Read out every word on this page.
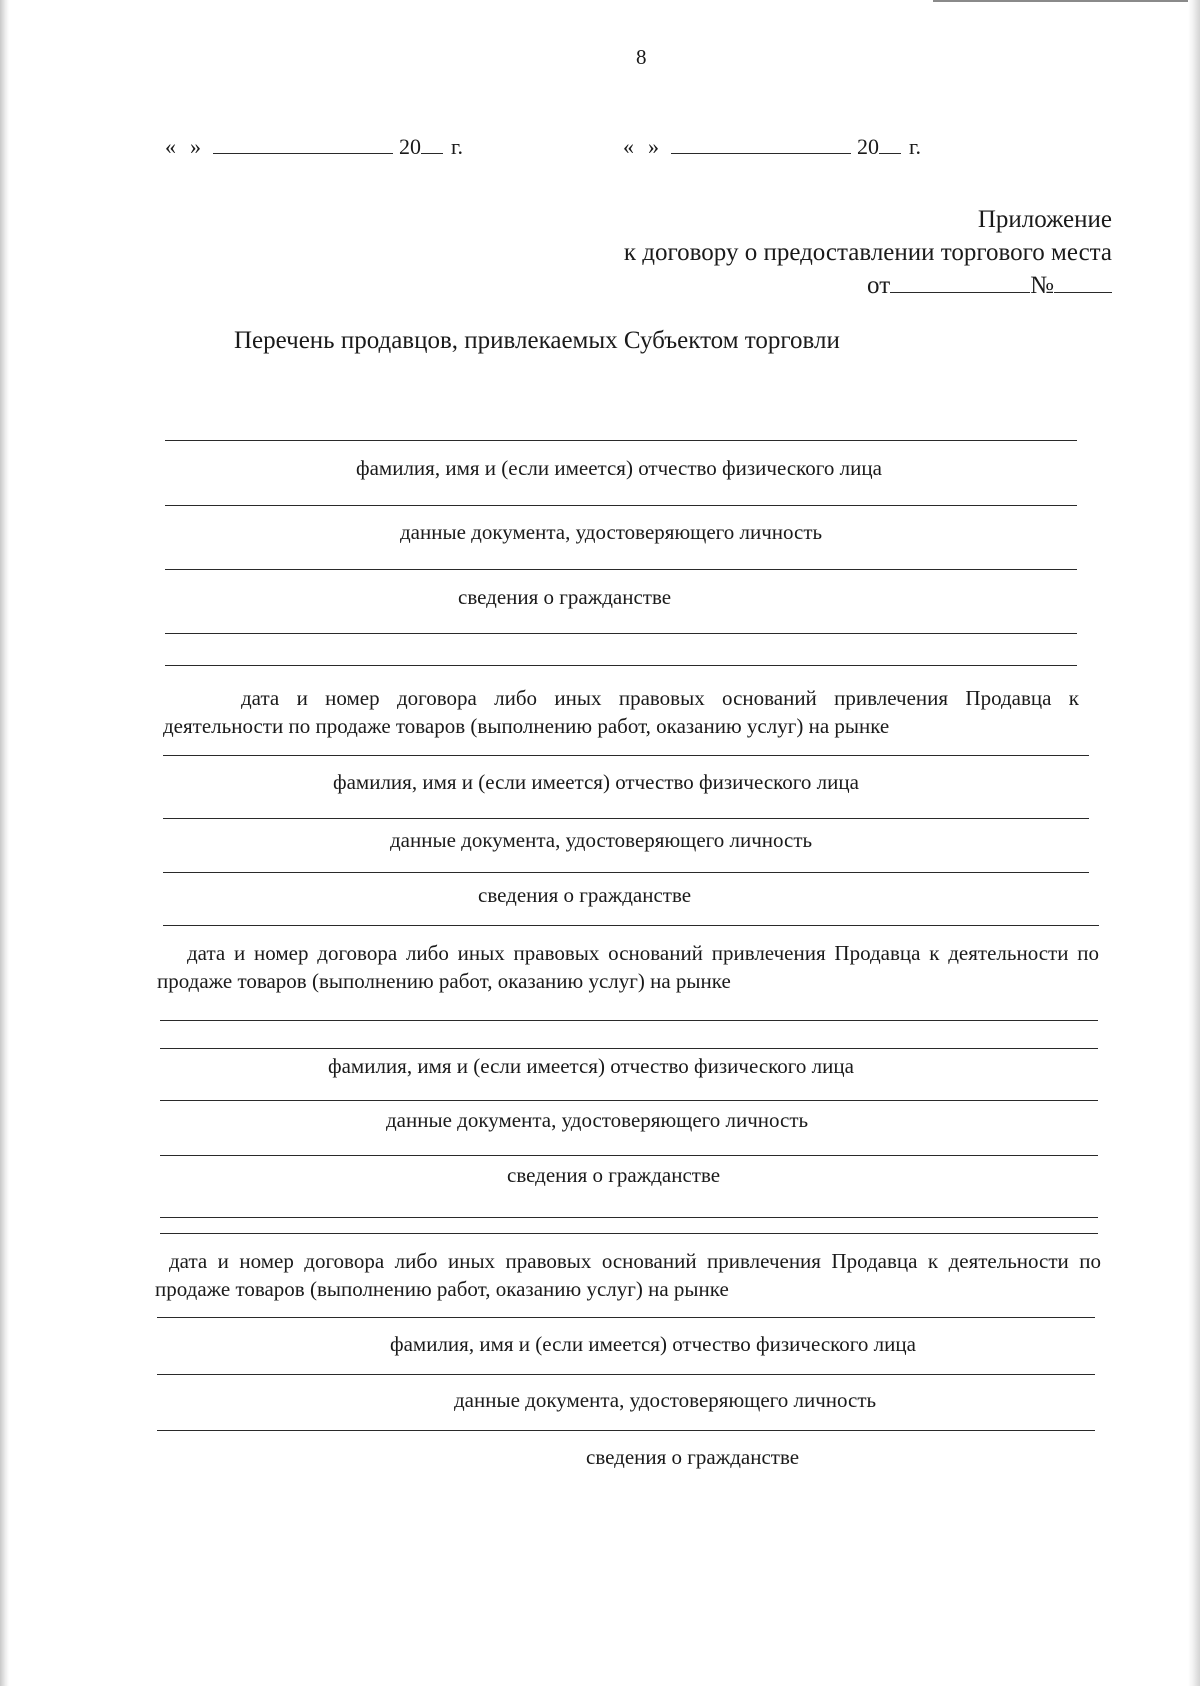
8
« »	20 г.	« »	20 г.
Приложение
к договору о предоставлении торгового места
от	№
Перечень продавцов, привлекаемых Субъектом торговли
фамилия, имя и (если имеется) отчество физического лица
данные документа, удостоверяющего личность
сведения о гражданстве
дата и номер договора либо иных правовых оснований привлечения Продавца к деятельности по продаже товаров (выполнению работ, оказанию услуг) на рынке
фамилия, имя и (если имеется) отчество физического лица
данные документа, удостоверяющего личность
сведения о гражданстве
дата и номер договора либо иных правовых оснований привлечения Продавца к деятельности по продаже товаров (выполнению работ, оказанию услуг) на рынке
фамилия, имя и (если имеется) отчество физического лица
данные документа, удостоверяющего личность
сведения о гражданстве
дата и номер договора либо иных правовых оснований привлечения Продавца к деятельности по продаже товаров (выполнению работ, оказанию услуг) на рынке
фамилия, имя и (если имеется) отчество физического лица
данные документа, удостоверяющего личность
сведения о гражданстве
